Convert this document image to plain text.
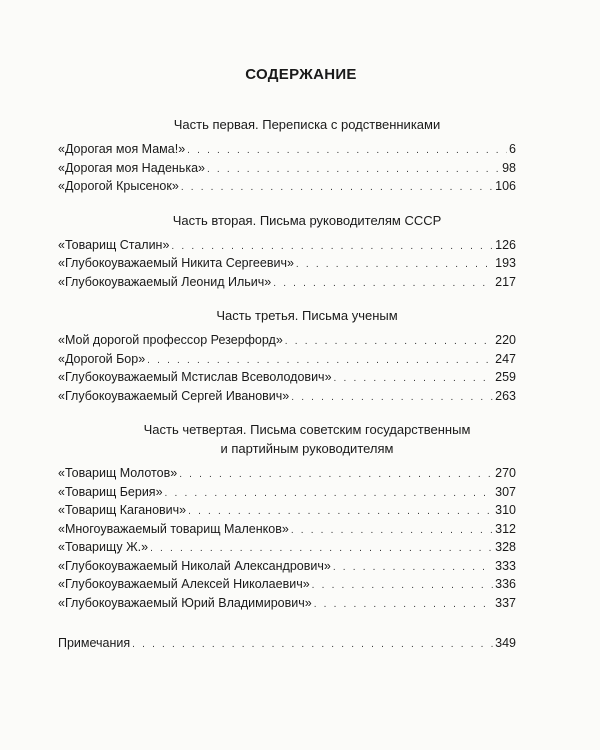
СОДЕРЖАНИЕ
Часть первая. Переписка с родственниками
«Дорогая моя Мама!» . . .	6
«Дорогая моя Наденька» . . .	98
«Дорогой Крысенок» . . .	106
Часть вторая. Письма руководителям СССР
«Товарищ Сталин» . . .	126
«Глубокоуважаемый Никита Сергеевич» . . .	193
«Глубокоуважаемый Леонид Ильич» . . .	217
Часть третья. Письма ученым
«Мой дорогой профессор Резерфорд» . . .	220
«Дорогой Бор» . . .	247
«Глубокоуважаемый Мстислав Всеволодович» . . .	259
«Глубокоуважаемый Сергей Иванович» . . .	263
Часть четвертая. Письма советским государственным
и партийным руководителям
«Товарищ Молотов» . . .	270
«Товарищ Берия» . . .	307
«Товарищ Каганович» . . .	310
«Многоуважаемый товарищ Маленков» . . .	312
«Товарищу Ж.» . . .	328
«Глубокоуважаемый Николай Александрович» . . .	333
«Глубокоуважаемый Алексей Николаевич» . . .	336
«Глубокоуважаемый Юрий Владимирович» . . .	337
Примечания . . .	349
